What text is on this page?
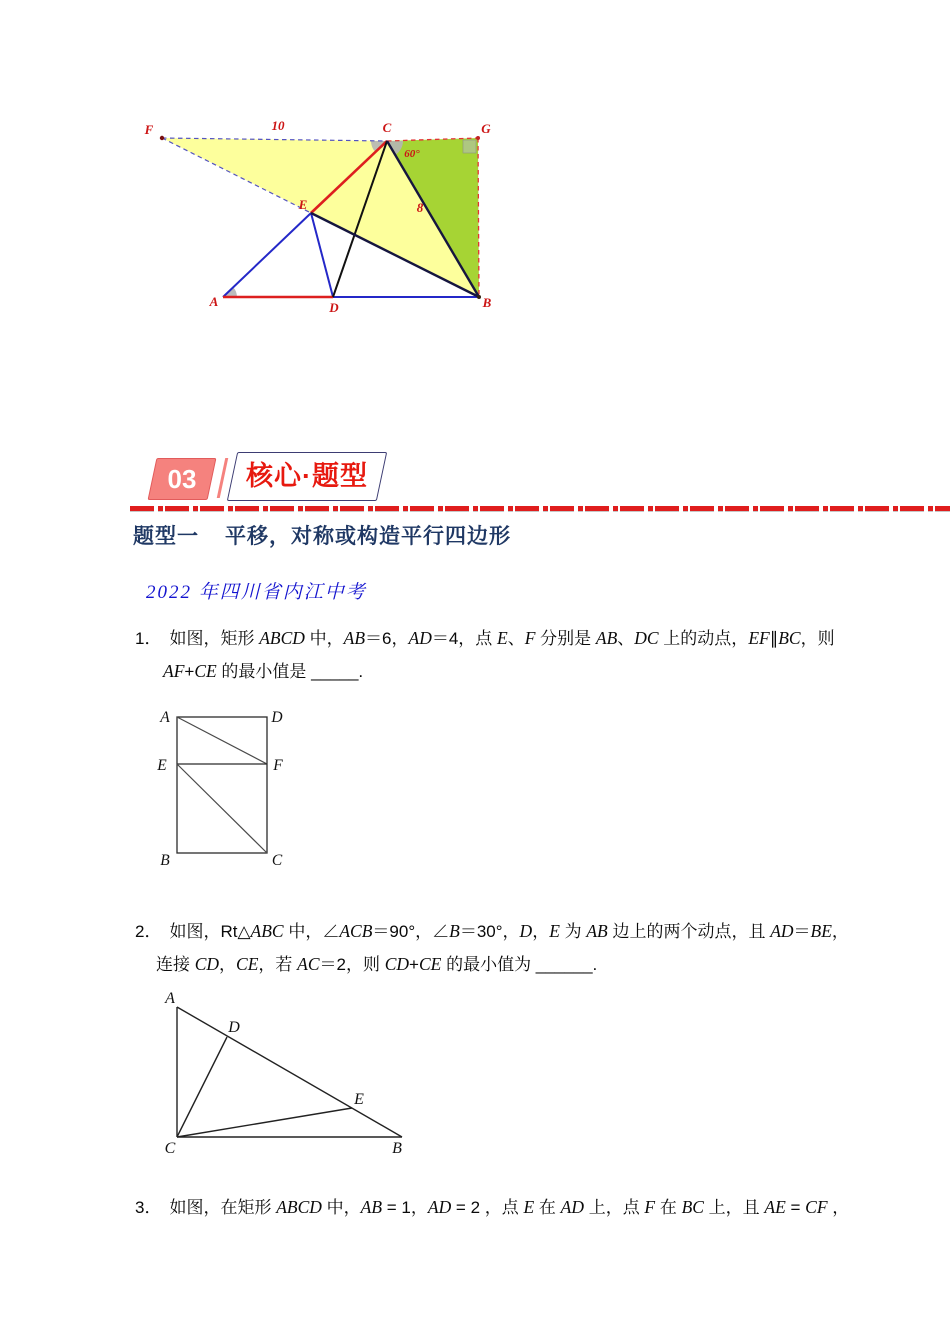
F	10	C	G
60°
E	8
A	D	B
03	核心·题型
题型一 平移，对称或构造平行四边形
2022 年四川省内江中考
1． 如图，矩形 ABCD 中，AB＝6，AD＝4，点 E、F 分别是 AB、DC 上的动点，EF∥BC，则
AF+CE 的最小值是 _____.
A	D
E	F
B	C
2． 如图，Rt△ABC 中，∠ACB＝90°，∠B＝30°，D，E 为 AB 边上的两个动点，且 AD＝BE，
连接 CD，CE，若 AC＝2，则 CD+CE 的最小值为 ______.
A
D
E
C	B
3． 如图，在矩形 ABCD 中，AB = 1，AD = 2 ，点 E 在 AD 上，点 F 在 BC 上，且 AE = CF ，
